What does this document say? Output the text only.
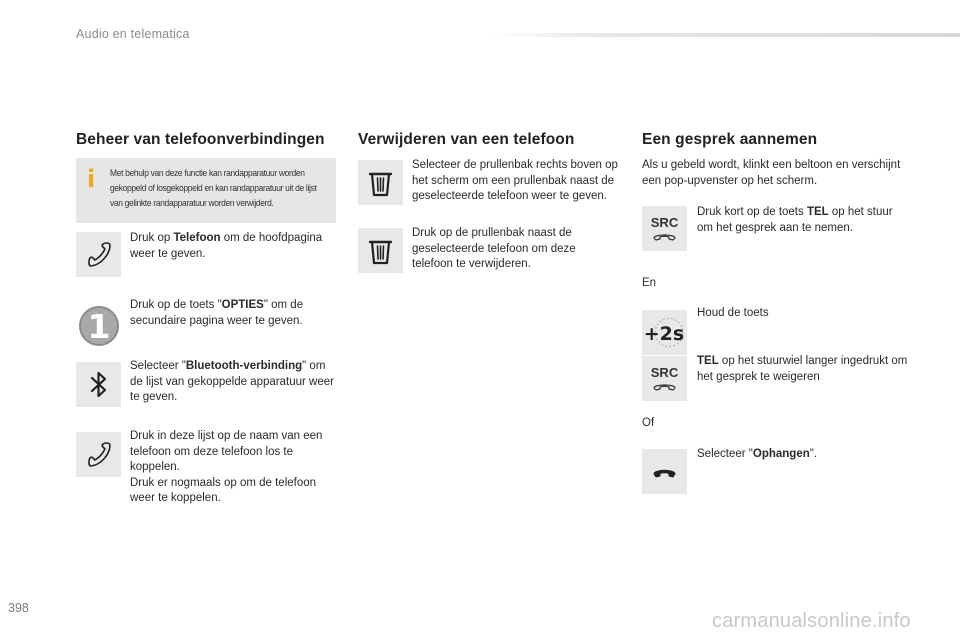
Audio en telematica
Beheer van telefoonverbindingen
i Met behulp van deze functie kan randapparatuur worden gekoppeld of losgekoppeld en kan randapparatuur uit de lijst van gelinkte randapparatuur worden verwijderd.
Druk op Telefoon om de hoofdpagina weer te geven.
1
Druk op de toets "OPTIES" om de secundaire pagina weer te geven.
Selecteer "Bluetooth-verbinding" om de lijst van gekoppelde apparatuur weer te geven.
Druk in deze lijst op de naam van een telefoon om deze telefoon los te koppelen.
Druk er nogmaals op om de telefoon weer te koppelen.
Verwijderen van een telefoon
Selecteer de prullenbak rechts boven op het scherm om een prullenbak naast de geselecteerde telefoon weer te geven.
Druk op de prullenbak naast de geselecteerde telefoon om deze telefoon te verwijderen.
Een gesprek aannemen
Als u gebeld wordt, klinkt een beltoon en verschijnt een pop-upvenster op het scherm.
SRC
Druk kort op de toets TEL op het stuur om het gesprek aan te nemen.
En
+2s
Houd de toets
SRC
TEL op het stuurwiel langer ingedrukt om het gesprek te weigeren
Of
Selecteer "Ophangen".
398
carmanualsonline.info
